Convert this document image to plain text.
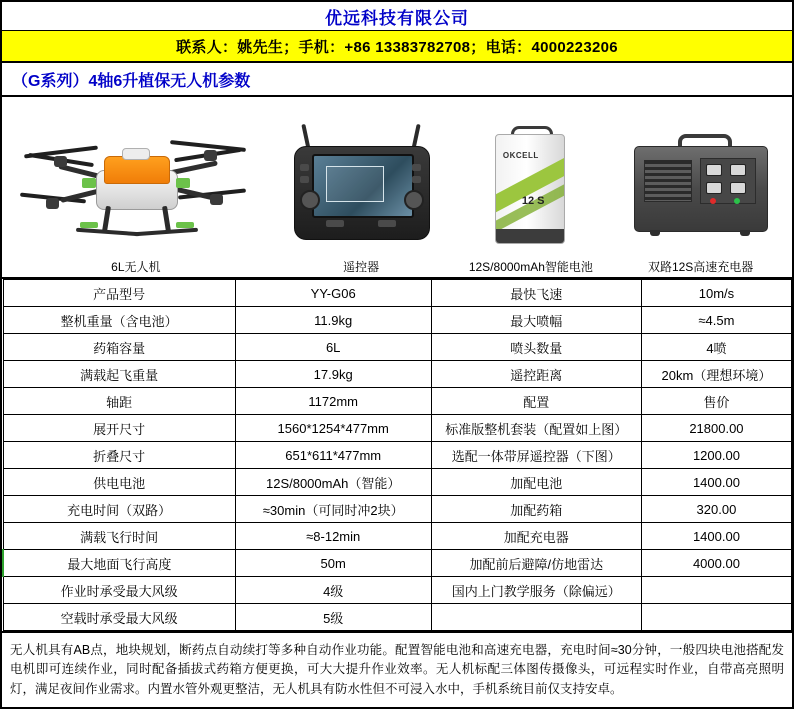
优远科技有限公司
联系人：姚先生；手机：+86 13383782708；电话：4000223206
（G系列）4轴6升植保无人机参数
6L无人机	遥控器
OKCELL
12 S
12S/8000mAh智能电池	双路12S高速充电器
产品型号	YY-G06	最快飞速	10m/s
整机重量（含电池）	11.9kg	最大喷幅	≈4.5m
药箱容量	6L	喷头数量	4喷
满载起飞重量	17.9kg	遥控距离	20km（理想环境）
轴距	1172mm	配置	售价
展开尺寸	1560*1254*477mm	标准版整机套装（配置如上图）	21800.00
折叠尺寸	651*611*477mm	选配一体带屏遥控器（下图）	1200.00
供电电池	12S/8000mAh（智能）	加配电池	1400.00
充电时间（双路）	≈30min（可同时冲2块）	加配药箱	320.00
满载飞行时间	≈8-12min	加配充电器	1400.00
最大地面飞行高度	50m	加配前后避障/仿地雷达	4000.00
作业时承受最大风级	4级	国内上门教学服务（除偏远）	
空载时承受最大风级	5级		
无人机具有AB点，地块规划，断药点自动续打等多种自动作业功能。配置智能电池和高速充电器，充电时间≈30分钟，一般四块电池搭配发电机即可连续作业，同时配备插拔式药箱方便更换，可大大提升作业效率。无人机标配三体图传摄像头，可远程实时作业，自带高亮照明灯，满足夜间作业需求。内置水管外观更整洁，无人机具有防水性但不可浸入水中，手机系统目前仅支持安卓。
